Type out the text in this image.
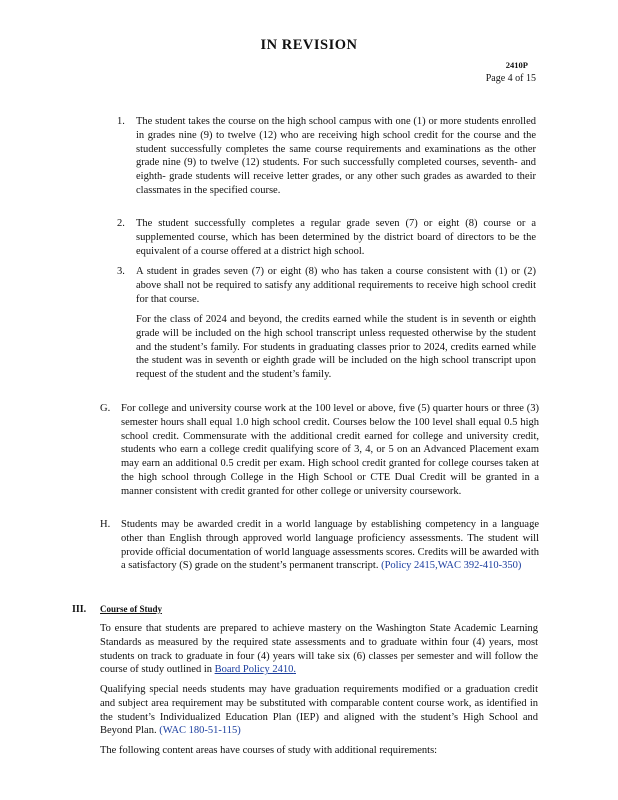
IN REVISION
2410P
Page 4 of 15
1. The student takes the course on the high school campus with one (1) or more students enrolled in grades nine (9) to twelve (12) who are receiving high school credit for the course and the student successfully completes the same course requirements and examinations as the other grade nine (9) to twelve (12) students. For such successfully completed courses, seventh- and eighth- grade students will receive letter grades, or any other such grades as awarded to their classmates in the specified course.
2. The student successfully completes a regular grade seven (7) or eight (8) course or a supplemented course, which has been determined by the district board of directors to be the equivalent of a course offered at a district high school.
3. A student in grades seven (7) or eight (8) who has taken a course consistent with (1) or (2) above shall not be required to satisfy any additional requirements to receive high school credit for that course.
For the class of 2024 and beyond, the credits earned while the student is in seventh or eighth grade will be included on the high school transcript unless requested otherwise by the student and the student’s family. For students in graduating classes prior to 2024, credits earned while the student was in seventh or eighth grade will be included on the high school transcript upon request of the student and the student’s family.
G. For college and university course work at the 100 level or above, five (5) quarter hours or three (3) semester hours shall equal 1.0 high school credit. Courses below the 100 level shall equal 0.5 high school credit. Commensurate with the additional credit earned for college and university credit, students who earn a college credit qualifying score of 3, 4, or 5 on an Advanced Placement exam may earn an additional 0.5 credit per exam. High school credit granted for college courses taken at the high school through College in the High School or CTE Dual Credit will be granted in a manner consistent with credit granted for other college or university coursework.
H. Students may be awarded credit in a world language by establishing competency in a language other than English through approved world language proficiency assessments. The student will provide official documentation of world language assessments scores. Credits will be awarded with a satisfactory (S) grade on the student’s permanent transcript. (Policy 2415,WAC 392-410-350)
III. Course of Study
To ensure that students are prepared to achieve mastery on the Washington State Academic Learning Standards as measured by the required state assessments and to graduate within four (4) years, most students on track to graduate in four (4) years will take six (6) classes per semester and will follow the course of study outlined in Board Policy 2410.
Qualifying special needs students may have graduation requirements modified or a graduation credit and subject area requirement may be substituted with comparable content course work, as identified in the student’s Individualized Education Plan (IEP) and aligned with the student’s High School and Beyond Plan. (WAC 180-51-115)
The following content areas have courses of study with additional requirements:
